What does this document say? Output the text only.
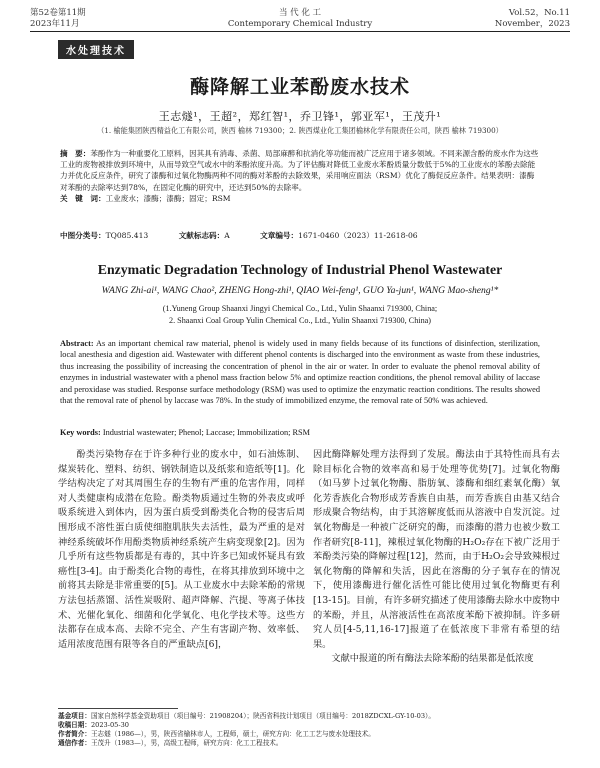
第52卷第11期
2023年11月
当 代 化 工
Contemporary Chemical Industry
Vol.52，No.11
November，2023
水处理技术
酶降解工业苯酚废水技术
王志燧¹，王超²，郑红智¹，乔卫锋¹，郭亚军¹，王茂升¹
（1. 榆能集团陕西精益化工有限公司，陕西 榆林 719300；2. 陕西煤业化工集团榆林化学有限责任公司，陕西 榆林 719300）
摘　要：苯酚作为一种重要化工原料，因其具有消毒、杀菌、局部麻醉和抗消化等功能而被广泛应用于诸多领域。不同来源含酚的废水作为这些工业的废物被排放到环境中，从而导致空气或水中的苯酚浓度升高。为了评估酶对降低工业废水苯酚质量分数低于5%的工业废水的苯酚去除能力并优化反应条件，研究了漆酶和过氧化物酶两种不同的酶对苯酚的去除效果，采用响应面法（RSM）优化了酶促反应条件。结果表明：漆酶对苯酚的去除率达到78%，在固定化酶的研究中，还达到50%的去除率。
关　键　词：工业废水；漆酶；漆酶；固定；RSM
中图分类号：TQ085.413	文献标志码：A	文章编号：1671-0460（2023）11-2618-06
Enzymatic Degradation Technology of Industrial Phenol Wastewater
WANG Zhi-ai¹, WANG Chao², ZHENG Hong-zhi¹, QIAO Wei-feng¹, GUO Ya-jun¹, WANG Mao-sheng¹*
(1.Yuneng Group Shaanxi Jingyi Chemical Co., Ltd., Yulin Shaanxi 719300, China;
2. Shaanxi Coal Group Yulin Chemical Co., Ltd., Yulin Shaanxi 719300, China)
Abstract: As an important chemical raw material, phenol is widely used in many fields because of its functions of disinfection, sterilization, local anesthesia and digestion aid. Wastewater with different phenol contents is discharged into the environment as waste from these industries, thus increasing the possibility of increasing the concentration of phenol in the air or water. In order to evaluate the phenol removal ability of enzymes in industrial wastewater with a phenol mass fraction below 5% and optimize reaction conditions, the phenol removal ability of laccase and peroxidase was studied. Response surface methodology (RSM) was used to optimize the enzymatic reaction conditions. The results showed that the removal rate of phenol by laccase was 78%. In the study of immobilized enzyme, the removal rate of 50% was achieved.
Key words: Industrial wastewater; Phenol; Laccase; Immobilization; RSM

酚类污染物存在于许多种行业的废水中，如石油炼制、煤炭转化、塑料、纺织、钢铁制造以及纸浆和造纸等[1]。化学结构决定了对其周围生存的生物有严重的危害作用，同样对人类健康构成潜在危险。酚类物质通过生物的外表皮或呼吸系统进入到体内，因为蛋白质受到酚类化合物的侵害后周围形成不溶性蛋白质使细胞肌肤失去活性，最为严重的是对神经系统破坏作用酚类物质神经系统产生病变现象[2]。因为几乎所有这些物质都是有毒的，其中许多已知或怀疑具有致癌性[3-4]。由于酚类化合物的毒性，在将其排放到环境中之前将其去除是非常重要的[5]。从工业废水中去除苯酚的常规方法包括蒸馏、活性炭吸附、超声降解、汽提、等离子体技术、光催化氧化、细菌和化学氧化、电化学技术等。这些方法都存在成本高、去除不完全、产生有害副产物、效率低、适用浓度范围有限等各自的严重缺点[6]，

因此酶降解处理方法得到了发展。酶法由于其特性而具有去除目标化合物的效率高和易于处理等优势[7]。过氧化物酶（如马萝卜过氧化物酶、脂肪氧、漆酶和细红素氧化酶）氧化芳香族化合物形成芳香族自由基，而芳香族自由基又结合形成聚合物结构，由于其溶解度低而从溶液中自发沉淀。过氧化物酶是一种被广泛研究的酶，而漆酶的潜力也被少数工作者研究[8-11]，辣根过氧化物酶的H₂O₂存在下被广泛用于苯酚类污染的降解过程[12]，然而，由于H₂O₂会导致辣根过氧化物酶的降解和失活，因此在溶酶的分子氧存在的情况下，使用漆酶进行催化活性可能比使用过氧化物酶更有利[13-15]。目前，有许多研究描述了使用漆酶去除水中废物中的苯酚，并且，从溶液活性在高浓度苯酚下被抑制。许多研究人员[4-5,11,16-17]报道了在低浓度下非常有希望的结果。

文献中报道的所有酶法去除苯酚的结果都是低浓度

基金项目：国家自然科学基金资助项目（项目编号：21908204）；陕西省科技计划项目（项目编号：2018ZDCXL-GY-10-03）。
收稿日期：2023-05-30
作者简介：王志燧（1986—），男，陕西省榆林市人，工程师，硕士，研究方向：化工工艺与废水处理技术。
通信作者：王茂升（1983—），男，高级工程师，研究方向：化工工程技术。
